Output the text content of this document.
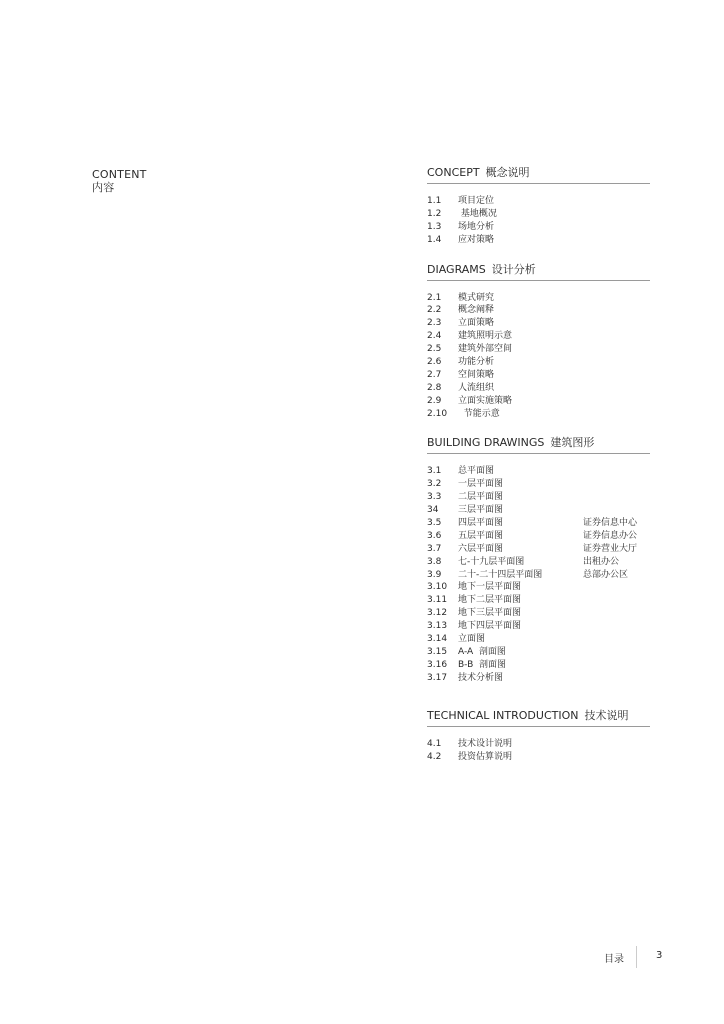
CONTENT
内容
CONCEPT 概念说明
1.1 项目定位
1.2 基地概况
1.3 场地分析
1.4 应对策略
DIAGRAMS 设计分析
2.1 模式研究
2.2 概念阐释
2.3 立面策略
2.4 建筑照明示意
2.5 建筑外部空间
2.6 功能分析
2.7 空间策略
2.8 人流组织
2.9 立面实施策略
2.10  节能示意
BUILDING DRAWINGS 建筑图形
3.1 总平面图
3.2 一层平面图
3.3 二层平面图
34 三层平面图
3.5 四层平面图	证券信息中心
3.6 五层平面图	证券信息办公
3.7 六层平面图	证券营业大厅
3.8 七-十九层平面图	出租办公
3.9 二十-二十四层平面图	总部办公区
3.10 地下一层平面图
3.11 地下二层平面图
3.12 地下三层平面图
3.13 地下四层平面图
3.14 立面图
3.15 A-A  剖面图
3.16 B-B  剖面图
3.17 技术分析图
TECHNICAL INTRODUCTION 技术说明
4.1 技术设计说明
4.2 投资估算说明
目录	3
